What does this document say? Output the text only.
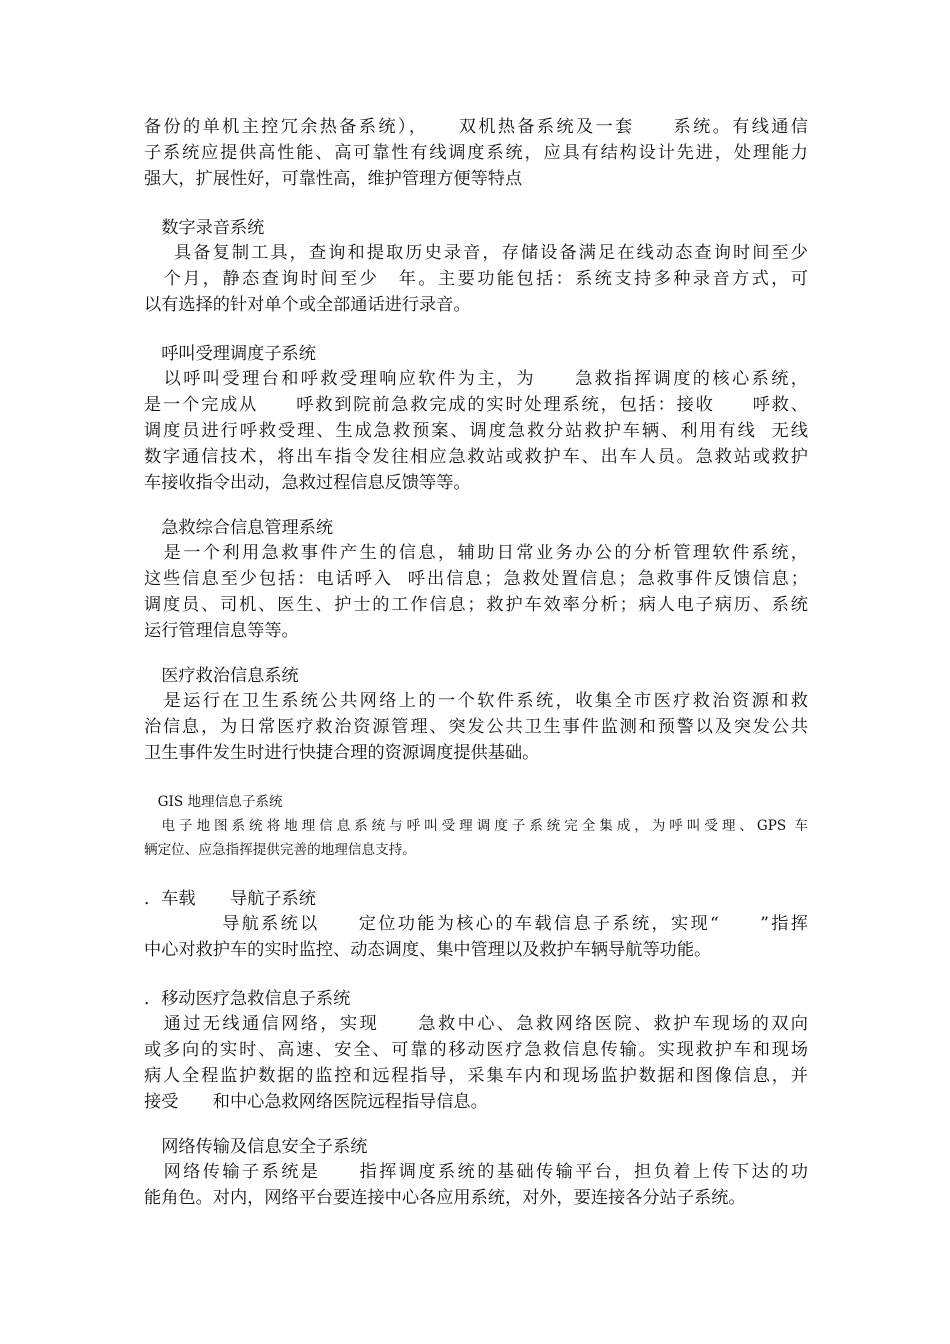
备份的单机主控冗余热备系统），　　双机热备系统及一套　　系统。有线通信
子系统应提供高性能、高可靠性有线调度系统，应具有结构设计先进，处理能力
强大，扩展性好，可靠性高，维护管理方便等特点
　数字录音系统
具备复制工具，查询和提取历史录音，存储设备满足在线动态查询时间至少
　个月，静态查询时间至少　年。主要功能包括：系统支持多种录音方式，可
以有选择的针对单个或全部通话进行录音。
　呼叫受理调度子系统
　以呼叫受理台和呼救受理响应软件为主，为　　急救指挥调度的核心系统，
是一个完成从　　呼救到院前急救完成的实时处理系统，包括：接收　　呼救、
调度员进行呼救受理、生成急救预案、调度急救分站救护车辆、利用有线  无线
数字通信技术，将出车指令发往相应急救站或救护车、出车人员。急救站或救护
车接收指令出动，急救过程信息反馈等等。
　急救综合信息管理系统
　是一个利用急救事件产生的信息，辅助日常业务办公的分析管理软件系统，
这些信息至少包括：电话呼入  呼出信息；急救处置信息；急救事件反馈信息；
调度员、司机、医生、护士的工作信息；救护车效率分析；病人电子病历、系统
运行管理信息等等。
　医疗救治信息系统
　是运行在卫生系统公共网络上的一个软件系统，收集全市医疗救治资源和救
治信息，为日常医疗救治资源管理、突发公共卫生事件监测和预警以及突发公共
卫生事件发生时进行快捷合理的资源调度提供基础。
　GIS 地理信息子系统
　电子地图系统将地理信息系统与呼叫受理调度子系统完全集成，为呼叫受理、GPS 车
辆定位、应急指挥提供完善的地理信息支持。
．车载　　导航子系统
　　　　导航系统以　　定位功能为核心的车载信息子系统，实现“　　”指挥
中心对救护车的实时监控、动态调度、集中管理以及救护车辆导航等功能。
．移动医疗急救信息子系统
　通过无线通信网络，实现　　急救中心、急救网络医院、救护车现场的双向
或多向的实时、高速、安全、可靠的移动医疗急救信息传输。实现救护车和现场
病人全程监护数据的监控和远程指导，采集车内和现场监护数据和图像信息，并
接受　　和中心急救网络医院远程指导信息。
　网络传输及信息安全子系统
　网络传输子系统是　　指挥调度系统的基础传输平台，担负着上传下达的功
能角色。对内，网络平台要连接中心各应用系统，对外，要连接各分站子系统。
